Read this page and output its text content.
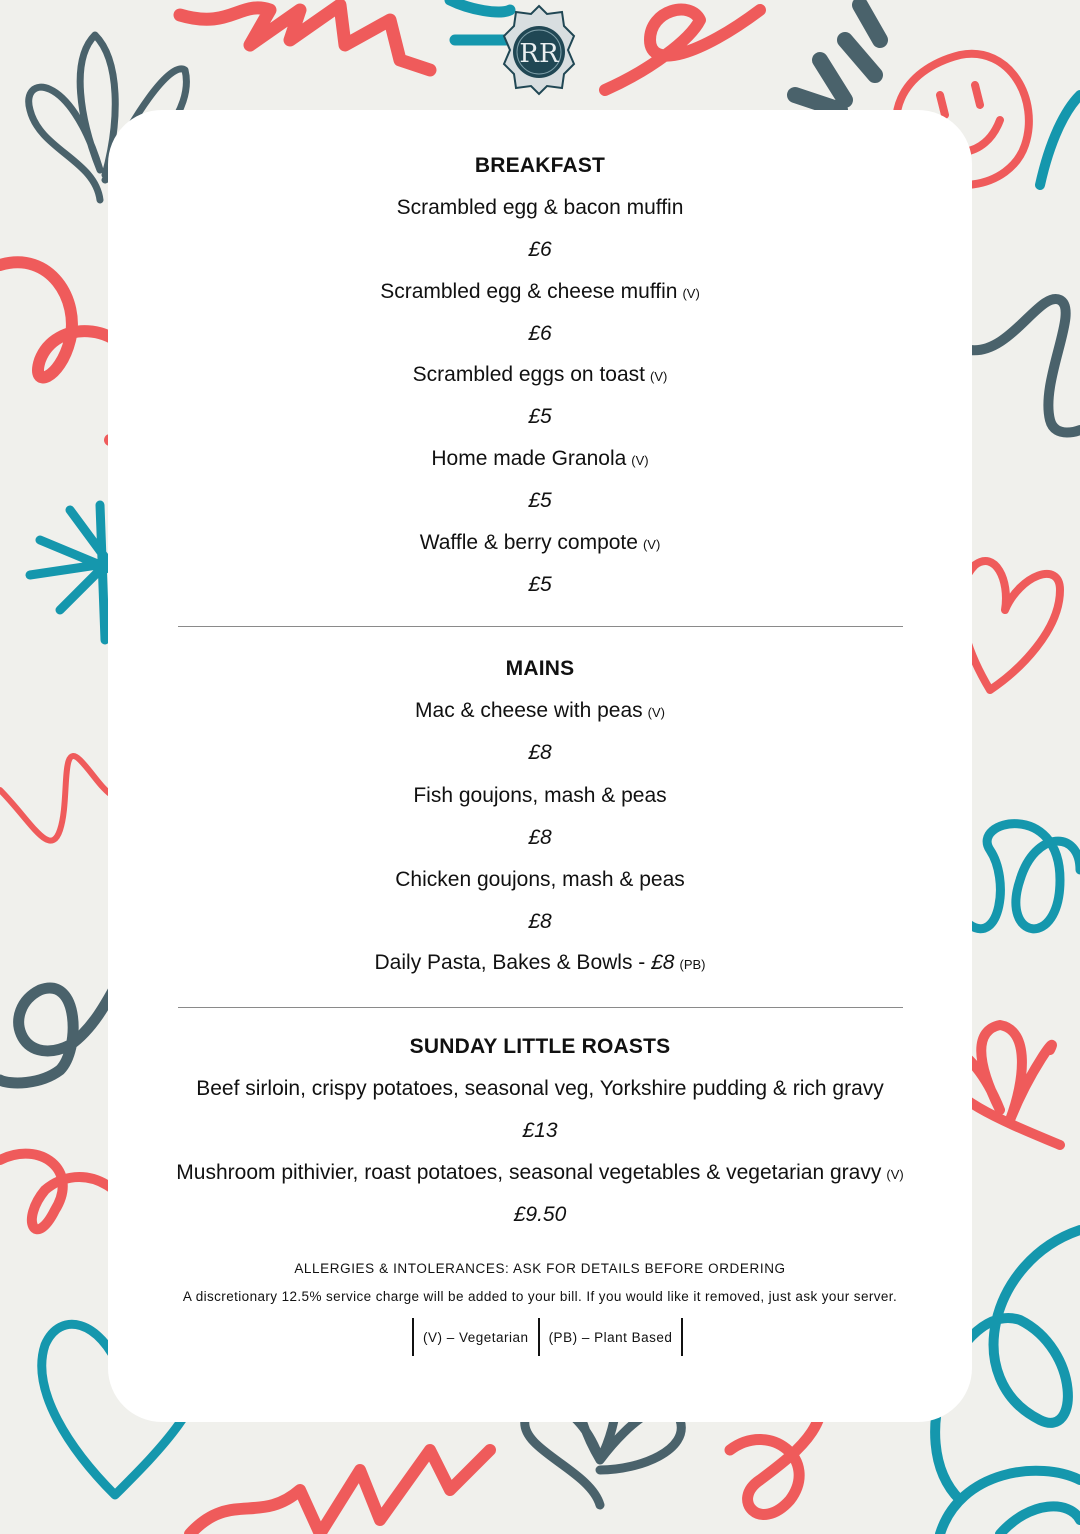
RR
BREAKFAST
Scrambled egg & bacon muffin
£6
Scrambled egg & cheese muffin (V)
£6
Scrambled eggs on toast (V)
£5
Home made Granola (V)
£5
Waffle & berry compote (V)
£5
MAINS
Mac & cheese with peas (V)
£8
Fish goujons, mash & peas
£8
Chicken goujons, mash & peas
£8
Daily Pasta, Bakes & Bowls - £8 (PB)
SUNDAY LITTLE ROASTS
Beef sirloin, crispy potatoes, seasonal veg, Yorkshire pudding & rich gravy
£13
Mushroom pithivier, roast potatoes, seasonal vegetables & vegetarian gravy (V)
£9.50
ALLERGIES & INTOLERANCES: ASK FOR DETAILS BEFORE ORDERING
A discretionary 12.5% service charge will be added to your bill. If you would like it removed, just ask your server.
(V) – Vegetarian	(PB) – Plant Based
